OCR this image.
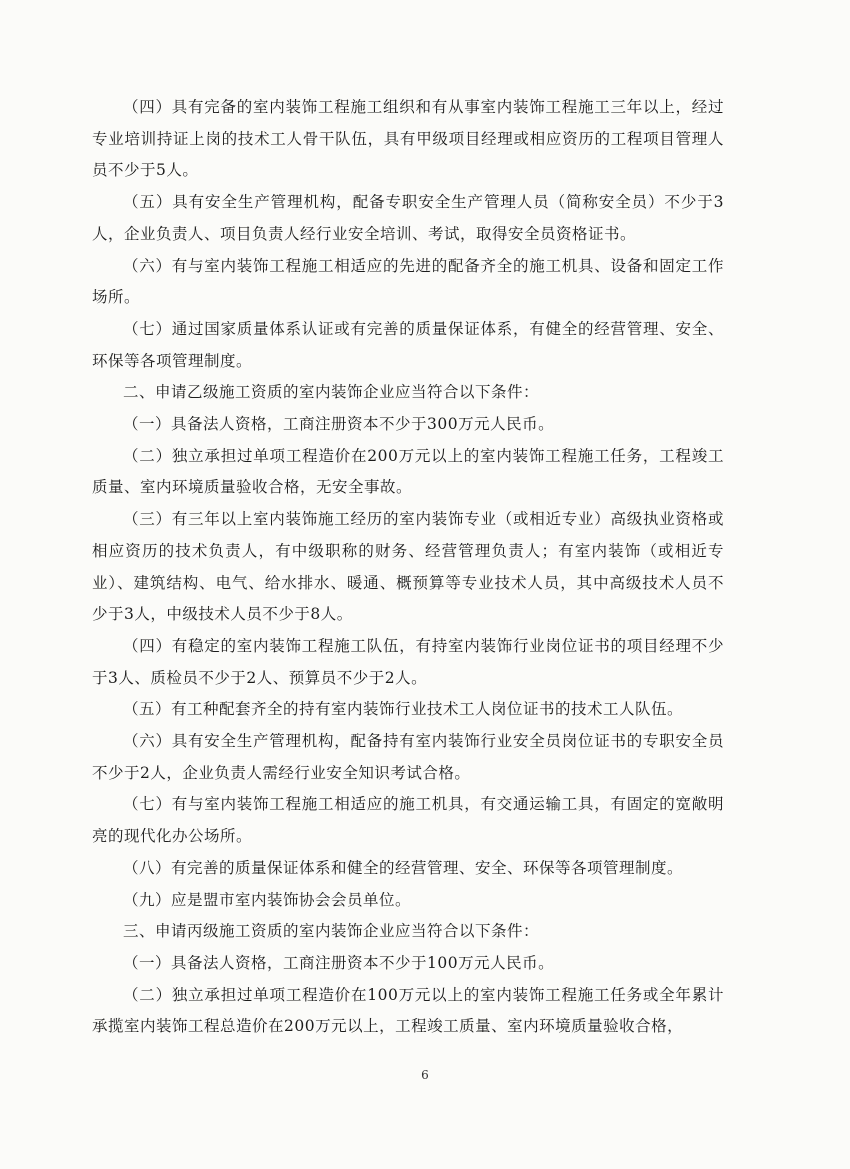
（四）具有完备的室内装饰工程施工组织和有从事室内装饰工程施工三年以上，经过专业培训持证上岗的技术工人骨干队伍，具有甲级项目经理或相应资历的工程项目管理人员不少于5人。

（五）具有安全生产管理机构，配备专职安全生产管理人员（简称安全员）不少于3人，企业负责人、项目负责人经行业安全培训、考试，取得安全员资格证书。

（六）有与室内装饰工程施工相适应的先进的配备齐全的施工机具、设备和固定工作场所。

（七）通过国家质量体系认证或有完善的质量保证体系，有健全的经营管理、安全、环保等各项管理制度。

二、申请乙级施工资质的室内装饰企业应当符合以下条件：

（一）具备法人资格，工商注册资本不少于300万元人民币。

（二）独立承担过单项工程造价在200万元以上的室内装饰工程施工任务，工程竣工质量、室内环境质量验收合格，无安全事故。

（三）有三年以上室内装饰施工经历的室内装饰专业（或相近专业）高级执业资格或相应资历的技术负责人，有中级职称的财务、经营管理负责人；有室内装饰（或相近专业）、建筑结构、电气、给水排水、暖通、概预算等专业技术人员，其中高级技术人员不少于3人，中级技术人员不少于8人。

（四）有稳定的室内装饰工程施工队伍，有持室内装饰行业岗位证书的项目经理不少于3人、质检员不少于2人、预算员不少于2人。

（五）有工种配套齐全的持有室内装饰行业技术工人岗位证书的技术工人队伍。

（六）具有安全生产管理机构，配备持有室内装饰行业安全员岗位证书的专职安全员不少于2人，企业负责人需经行业安全知识考试合格。

（七）有与室内装饰工程施工相适应的施工机具，有交通运输工具，有固定的宽敞明亮的现代化办公场所。

（八）有完善的质量保证体系和健全的经营管理、安全、环保等各项管理制度。

（九）应是盟市室内装饰协会会员单位。

三、申请丙级施工资质的室内装饰企业应当符合以下条件：

（一）具备法人资格，工商注册资本不少于100万元人民币。

（二）独立承担过单项工程造价在100万元以上的室内装饰工程施工任务或全年累计承揽室内装饰工程总造价在200万元以上，工程竣工质量、室内环境质量验收合格，

6
